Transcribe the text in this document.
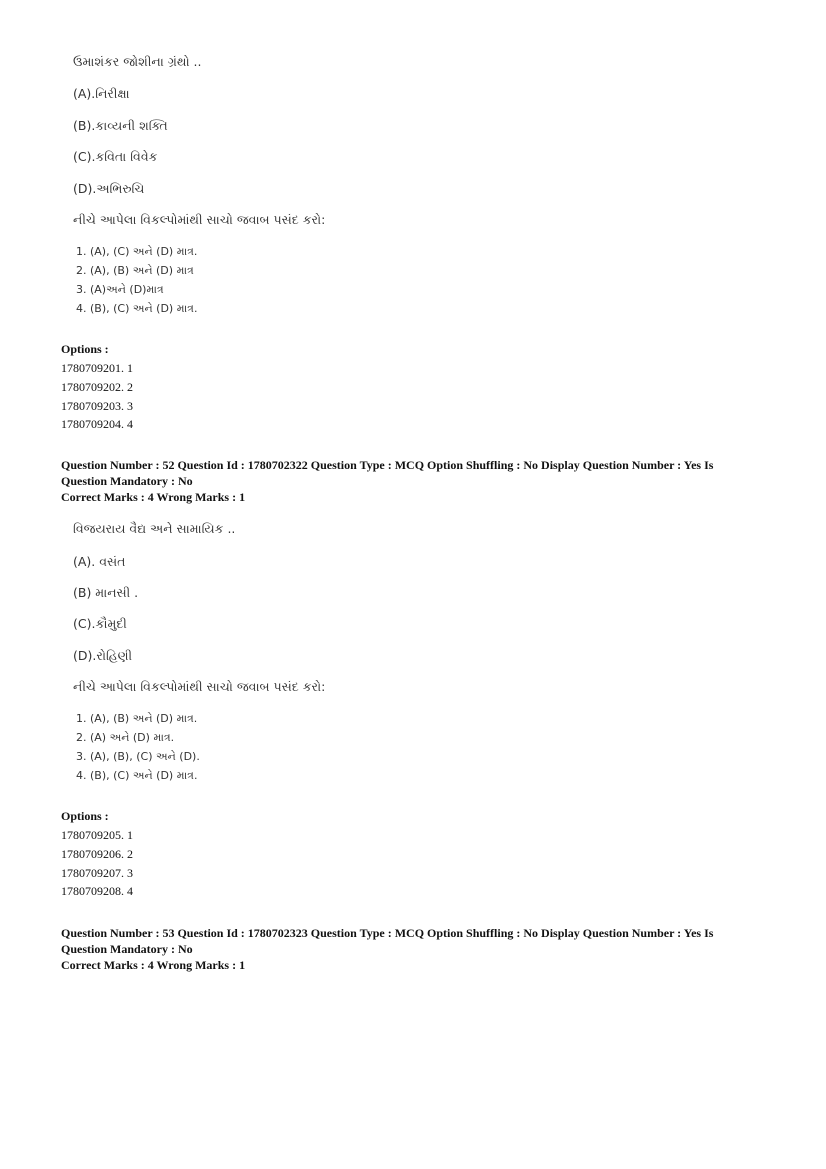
ઉમાશંકર જોશીના ગ્રંથો ..
(A).નિરીક્ષા
(B).કાવ્યની શક્તિ
(C).કવિતા વિવેક
(D).અભિરુચિ
નીચે આપેલા વિકલ્પોમાંથી સાચો જવાબ પસંદ કરો:
1. (A), (C) અને (D) માત્ર.
2. (A), (B) અને (D) માત્ર
3. (A)અને (D)માત્ર
4. (B), (C) અને (D) માત્ર.
Options :
1780709201. 1
1780709202. 2
1780709203. 3
1780709204. 4
Question Number : 52 Question Id : 1780702322 Question Type : MCQ Option Shuffling : No Display Question Number : Yes Is
Question Mandatory : No
Correct Marks : 4 Wrong Marks : 1
વિજયરાય વૈદ્ય અને સામાયિક ..
(A). વસંત
(B) માનસી .
(C).કૌમુદી
(D).રોહિણી
નીચે આપેલા વિકલ્પોમાંથી સાચો જવાબ પસંદ કરો:
1. (A), (B) અને (D) માત્ર.
2. (A) અને (D) માત્ર.
3. (A), (B), (C) અને (D).
4. (B), (C) અને (D) માત્ર.
Options :
1780709205. 1
1780709206. 2
1780709207. 3
1780709208. 4
Question Number : 53 Question Id : 1780702323 Question Type : MCQ Option Shuffling : No Display Question Number : Yes Is
Question Mandatory : No
Correct Marks : 4 Wrong Marks : 1
